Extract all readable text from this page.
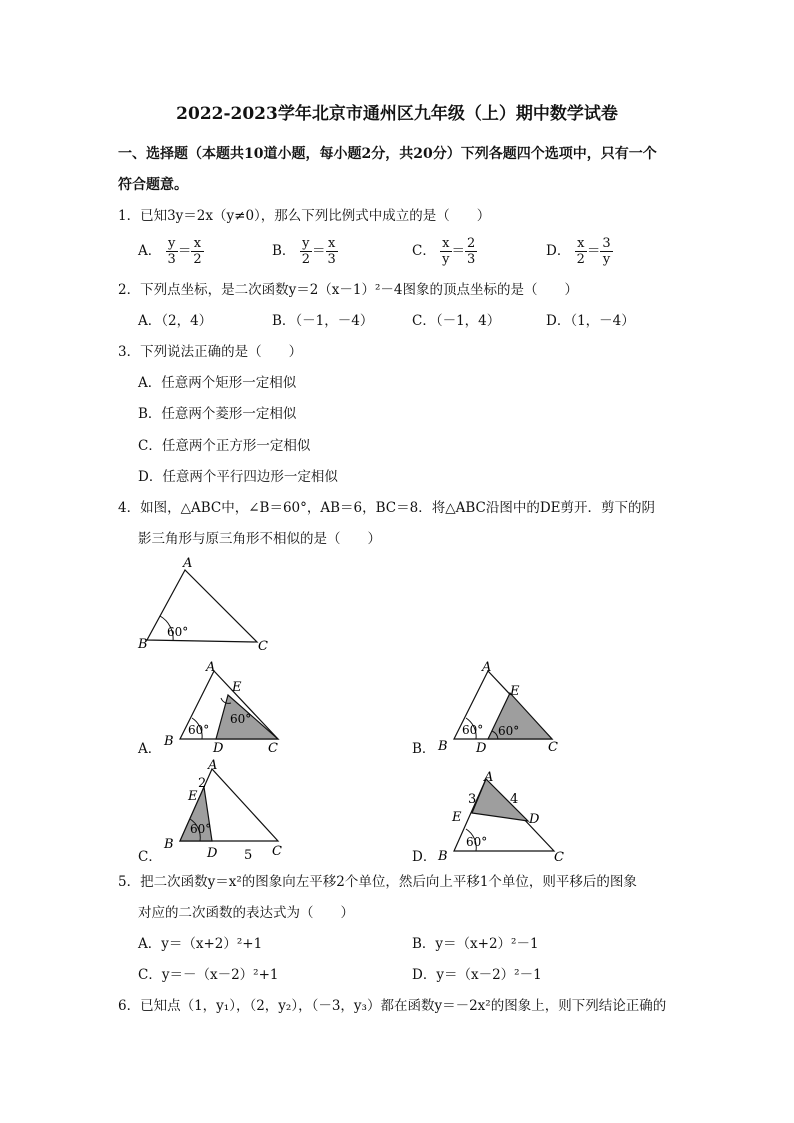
2022-2023学年北京市通州区九年级（上）期中数学试卷
一、选择题（本题共10道小题，每小题2分，共20分）下列各题四个选项中，只有一个
符合题意。
1．已知3y＝2x（y≠0），那么下列比例式中成立的是（　　）
A． $\frac{y}{3} = \frac{x}{2}$	B． $\frac{y}{2} = \frac{x}{3}$	C． $\frac{x}{y} = \frac{2}{3}$	D． $\frac{x}{2} = \frac{3}{y}$
2．下列点坐标，是二次函数y＝2（x－1）²－4图象的顶点坐标的是（　　）
A．（2，4）	B．（－1，－4）	C．（－1，4）	D．（1，－4）
3．下列说法正确的是（　　）
A．任意两个矩形一定相似
B．任意两个菱形一定相似
C．任意两个正方形一定相似
D．任意两个平行四边形一定相似
4．如图，△ABC中，∠B＝60°，AB＝6，BC＝8．将△ABC沿图中的DE剪开．剪下的阴
影三角形与原三角形不相似的是（　　）
A
B	C
60°
A．
A
B	C
D
E
60°
60°
B．
A
B	C
D
E
60° 60°
C．
A
B	C
D
E
60°
2
5	D．
A
B	C
D
E
60°
3	4
5．把二次函数y＝x²的图象向左平移2个单位，然后向上平移1个单位，则平移后的图象
对应的二次函数的表达式为（　　）
A．y＝（x+2）²+1	B．y＝（x+2）²－1
C．y＝－（x－2）²+1	D．y＝（x－2）²－1
6．已知点（1，y₁），（2，y₂），（－3，y₃）都在函数y＝－2x²的图象上，则下列结论正确的
